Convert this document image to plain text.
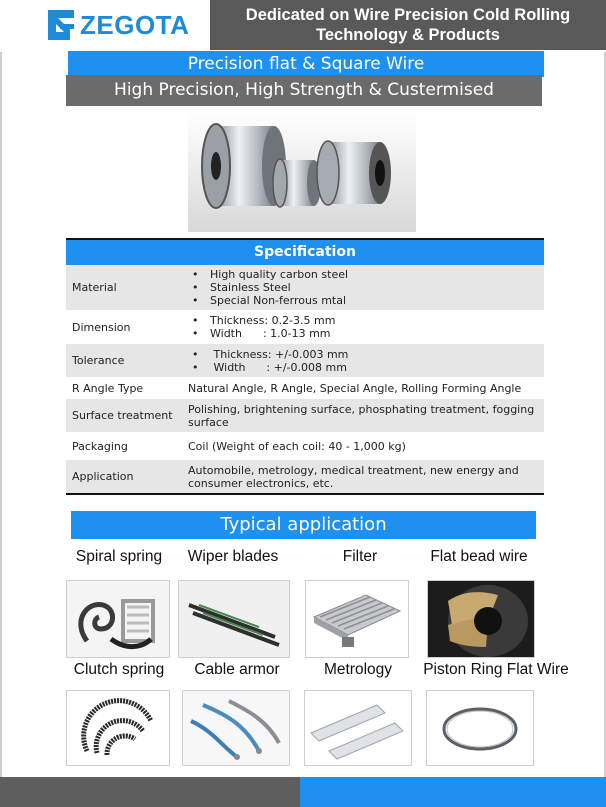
ZEGOTA	Dedicated on Wire Precision Cold Rolling
Technology & Products
Precision flat & Square Wire
High Precision, High Strength & Custermised
Specification
Material
•	High quality carbon steel
•	Stainless Steel
•	Special Non-ferrous mtal
Dimension	•	Thickness: 0.2-3.5 mm
•	Width      : 1.0-13 mm
Tolerance	•	Thickness: +/-0.003 mm
•	Width      : +/-0.008 mm
R Angle Type	Natural Angle, R Angle, Special Angle, Rolling Forming Angle
Surface treatment	Polishing, brightening surface, phosphating treatment, fogging surface
Packaging	Coil (Weight of each coil: 40 - 1,000 kg)
Application	Automobile, metrology, medical treatment, new energy and consumer electronics, etc.
Typical application
Spiral spring	Wiper blades	Filter	Flat bead wire
Clutch spring	Cable armor	Metrology	Piston Ring Flat Wire
